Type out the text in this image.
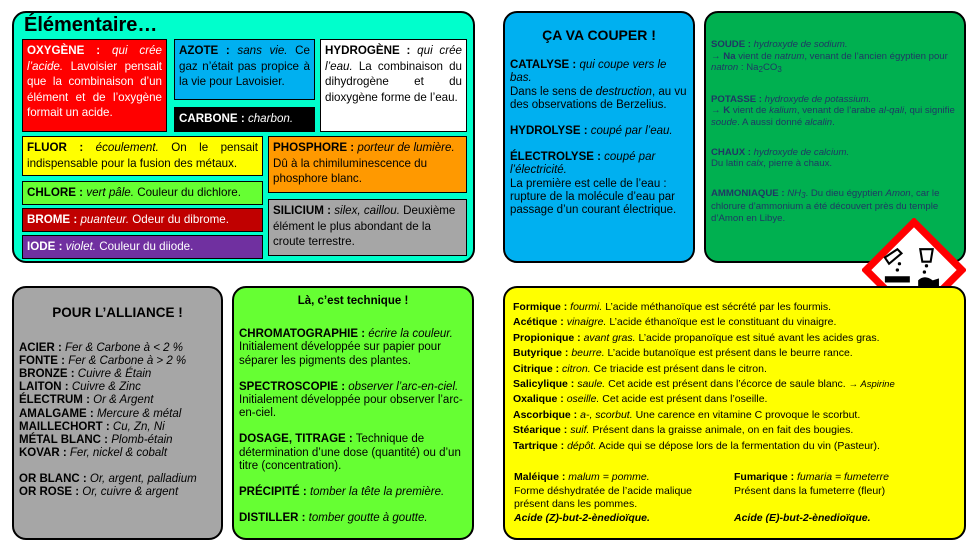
Élémentaire…
OXYGÈNE : qui crée l’acide. Lavoisier pensait que la combinaison d’un élément et de l’oxygène formait un acide.
AZOTE : sans vie. Ce gaz n’était pas propice à la vie pour Lavoisier.
CARBONE : charbon.
HYDROGÈNE : qui crée l’eau. La combinaison du dihydrogène et du dioxygène forme de l’eau.
FLUOR : écoulement. On le pensait indispensable pour la fusion des métaux.
PHOSPHORE : porteur de lumière. Dû à la chimiluminescence du phosphore blanc.
CHLORE : vert pâle. Couleur du dichlore.
BROME : puanteur. Odeur du dibrome.
IODE : violet. Couleur du diiode.
SILICIUM : silex, caillou. Deuxième élément le plus abondant de la croute terrestre.
ÇA VA COUPER !
CATALYSE : qui coupe vers le bas.
Dans le sens de destruction, au vu des observations de Berzelius.
HYDROLYSE : coupé par l’eau.
ÉLECTROLYSE : coupé par l’électricité.
La première est celle de l’eau : rupture de la molécule d’eau par passage d’un courant électrique.
SOUDE : hydroxyde de sodium.
→ Na vient de natrum, venant de l’ancien égyptien pour natron : $Na_2CO_3$
POTASSE : hydroxyde de potassium.
→ K vient de kalium, venant de l’arabe al-qali, qui signifie soude. A aussi donné alcalin.
CHAUX : hydroxyde de calcium.
Du latin calx, pierre à chaux.
AMMONIAQUE : $NH_3$. Du dieu égyptien Amon, car le chlorure d’ammonium a été découvert près du temple d’Amon en Libye.
POUR L’ALLIANCE !
ACIER : Fer & Carbone à < 2 %
FONTE : Fer & Carbone à > 2 %
BRONZE : Cuivre & Étain
LAITON : Cuivre & Zinc
ÉLECTRUM : Or & Argent
AMALGAME : Mercure & métal
MAILLECHORT : Cu, Zn, Ni
MÉTAL BLANC : Plomb-étain
KOVAR : Fer, nickel & cobalt
OR BLANC : Or, argent, palladium
OR ROSE : Or, cuivre & argent
Là, c’est technique !
CHROMATOGRAPHIE : écrire la couleur.
Initialement développée sur papier pour séparer les pigments des plantes.
SPECTROSCOPIE : observer l’arc-en-ciel.
Initialement développée pour observer l’arc-en-ciel.
DOSAGE, TITRAGE : Technique de détermination d’une dose (quantité) ou d’un titre (concentration).
PRÉCIPITÉ : tomber la tête la première.
DISTILLER : tomber goutte à goutte.
Formique : fourmi. L’acide méthanoïque est sécrété par les fourmis.
Acétique : vinaigre. L’acide éthanoïque est le constituant du vinaigre.
Propionique : avant gras. L’acide propanoïque est situé avant les acides gras.
Butyrique : beurre. L’acide butanoïque est présent dans le beurre rance.
Citrique : citron. Ce triacide est présent dans le citron.
Salicylique : saule. Cet acide est présent dans l’écorce de saule blanc. → Aspirine
Oxalique : oseille. Cet acide est présent dans l’oseille.
Ascorbique : a-, scorbut. Une carence en vitamine C provoque le scorbut.
Stéarique : suif. Présent dans la graisse animale, on en fait des bougies.
Tartrique : dépôt. Acide qui se dépose lors de la fermentation du vin (Pasteur).
Maléique : malum = pomme.
Forme déshydratée de l’acide malique présent dans les pommes.
Acide (Z)-but-2-ènedioïque.
Fumarique : fumaria = fumeterre
Présent dans la fumeterre (fleur)

Acide (E)-but-2-ènedioïque.
